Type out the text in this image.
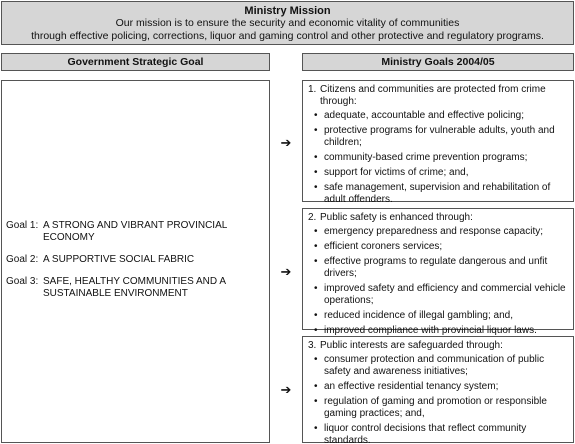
Ministry Mission
Our mission is to ensure the security and economic vitality of communities
through effective policing, corrections, liquor and gaming control and other protective and regulatory programs.
Government Strategic Goal	Ministry Goals 2004/05
Goal 1: A STRONG AND VIBRANT PROVINCIAL ECONOMY
Goal 2: A SUPPORTIVE SOCIAL FABRIC
Goal 3: SAFE, HEALTHY COMMUNITIES AND A SUSTAINABLE ENVIRONMENT
➔
➔
➔
1. Citizens and communities are protected from crime through:
• adequate, accountable and effective policing;
• protective programs for vulnerable adults, youth and children;
• community-based crime prevention programs;
• support for victims of crime; and,
• safe management, supervision and rehabilitation of adult offenders.
2. Public safety is enhanced through:
• emergency preparedness and response capacity;
• efficient coroners services;
• effective programs to regulate dangerous and unfit drivers;
• improved safety and efficiency and commercial vehicle operations;
• reduced incidence of illegal gambling; and,
• improved compliance with provincial liquor laws.
3. Public interests are safeguarded through:
• consumer protection and communication of public safety and awareness initiatives;
• an effective residential tenancy system;
• regulation of gaming and promotion or responsible gaming practices; and,
• liquor control decisions that reflect community standards.
